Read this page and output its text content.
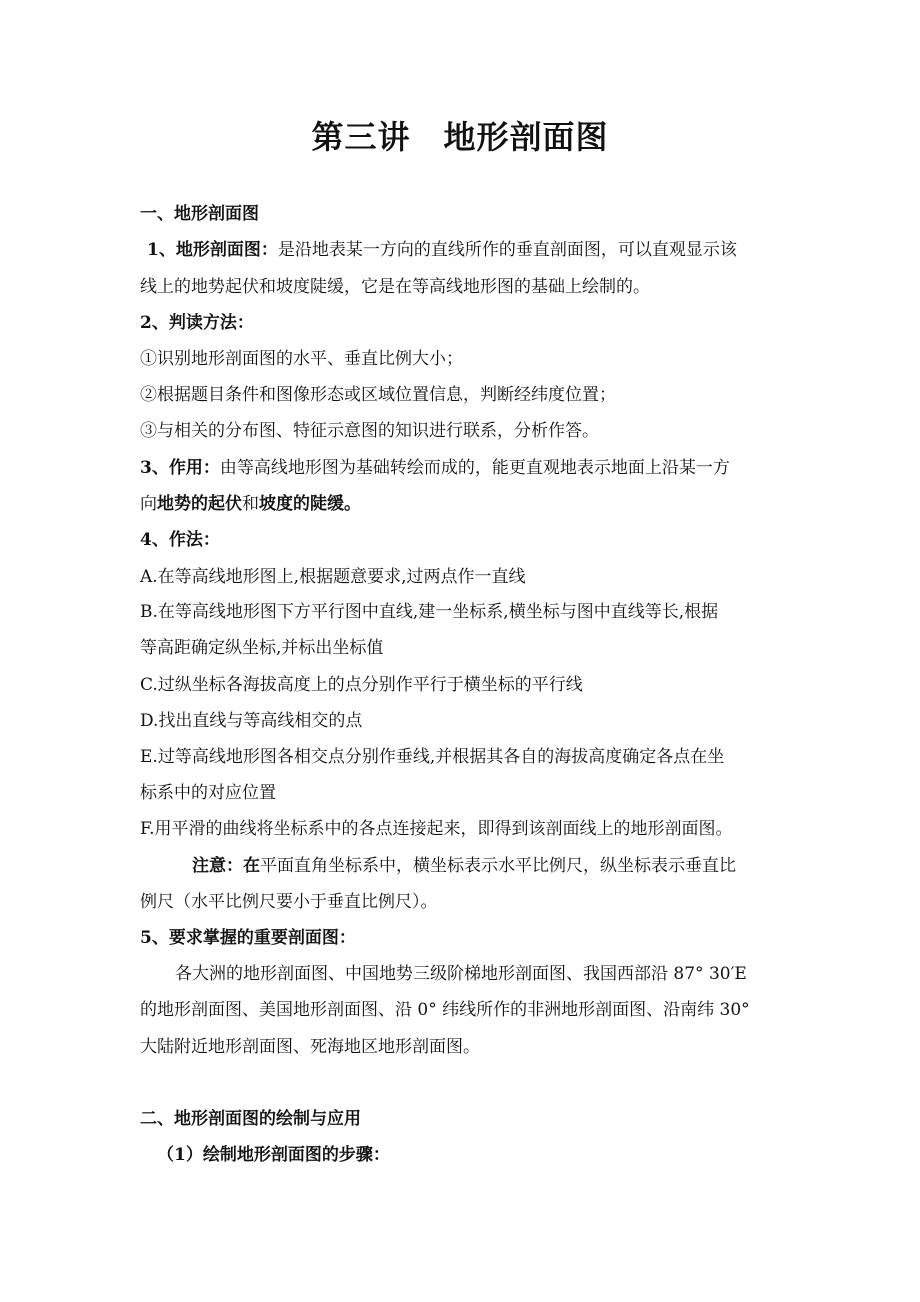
第三讲　地形剖面图
一、地形剖面图
1、地形剖面图：是沿地表某一方向的直线所作的垂直剖面图，可以直观显示该
线上的地势起伏和坡度陡缓，它是在等高线地形图的基础上绘制的。
2、判读方法：
①识别地形剖面图的水平、垂直比例大小；
②根据题目条件和图像形态或区域位置信息，判断经纬度位置；
③与相关的分布图、特征示意图的知识进行联系，分析作答。
3、作用：由等高线地形图为基础转绘而成的，能更直观地表示地面上沿某一方
向地势的起伏和坡度的陡缓。
4、作法：
A.在等高线地形图上,根据题意要求,过两点作一直线
B.在等高线地形图下方平行图中直线,建一坐标系,横坐标与图中直线等长,根据
等高距确定纵坐标,并标出坐标值
C.过纵坐标各海拔高度上的点分别作平行于横坐标的平行线
D.找出直线与等高线相交的点
E.过等高线地形图各相交点分别作垂线,并根据其各自的海拔高度确定各点在坐
标系中的对应位置
F.用平滑的曲线将坐标系中的各点连接起来，即得到该剖面线上的地形剖面图。
注意：在平面直角坐标系中，横坐标表示水平比例尺，纵坐标表示垂直比
例尺（水平比例尺要小于垂直比例尺）。
5、要求掌握的重要剖面图：
各大洲的地形剖面图、中国地势三级阶梯地形剖面图、我国西部沿 87° 30′E
的地形剖面图、美国地形剖面图、沿 0° 纬线所作的非洲地形剖面图、沿南纬 30°
大陆附近地形剖面图、死海地区地形剖面图。
二、地形剖面图的绘制与应用
（1）绘制地形剖面图的步骤：
